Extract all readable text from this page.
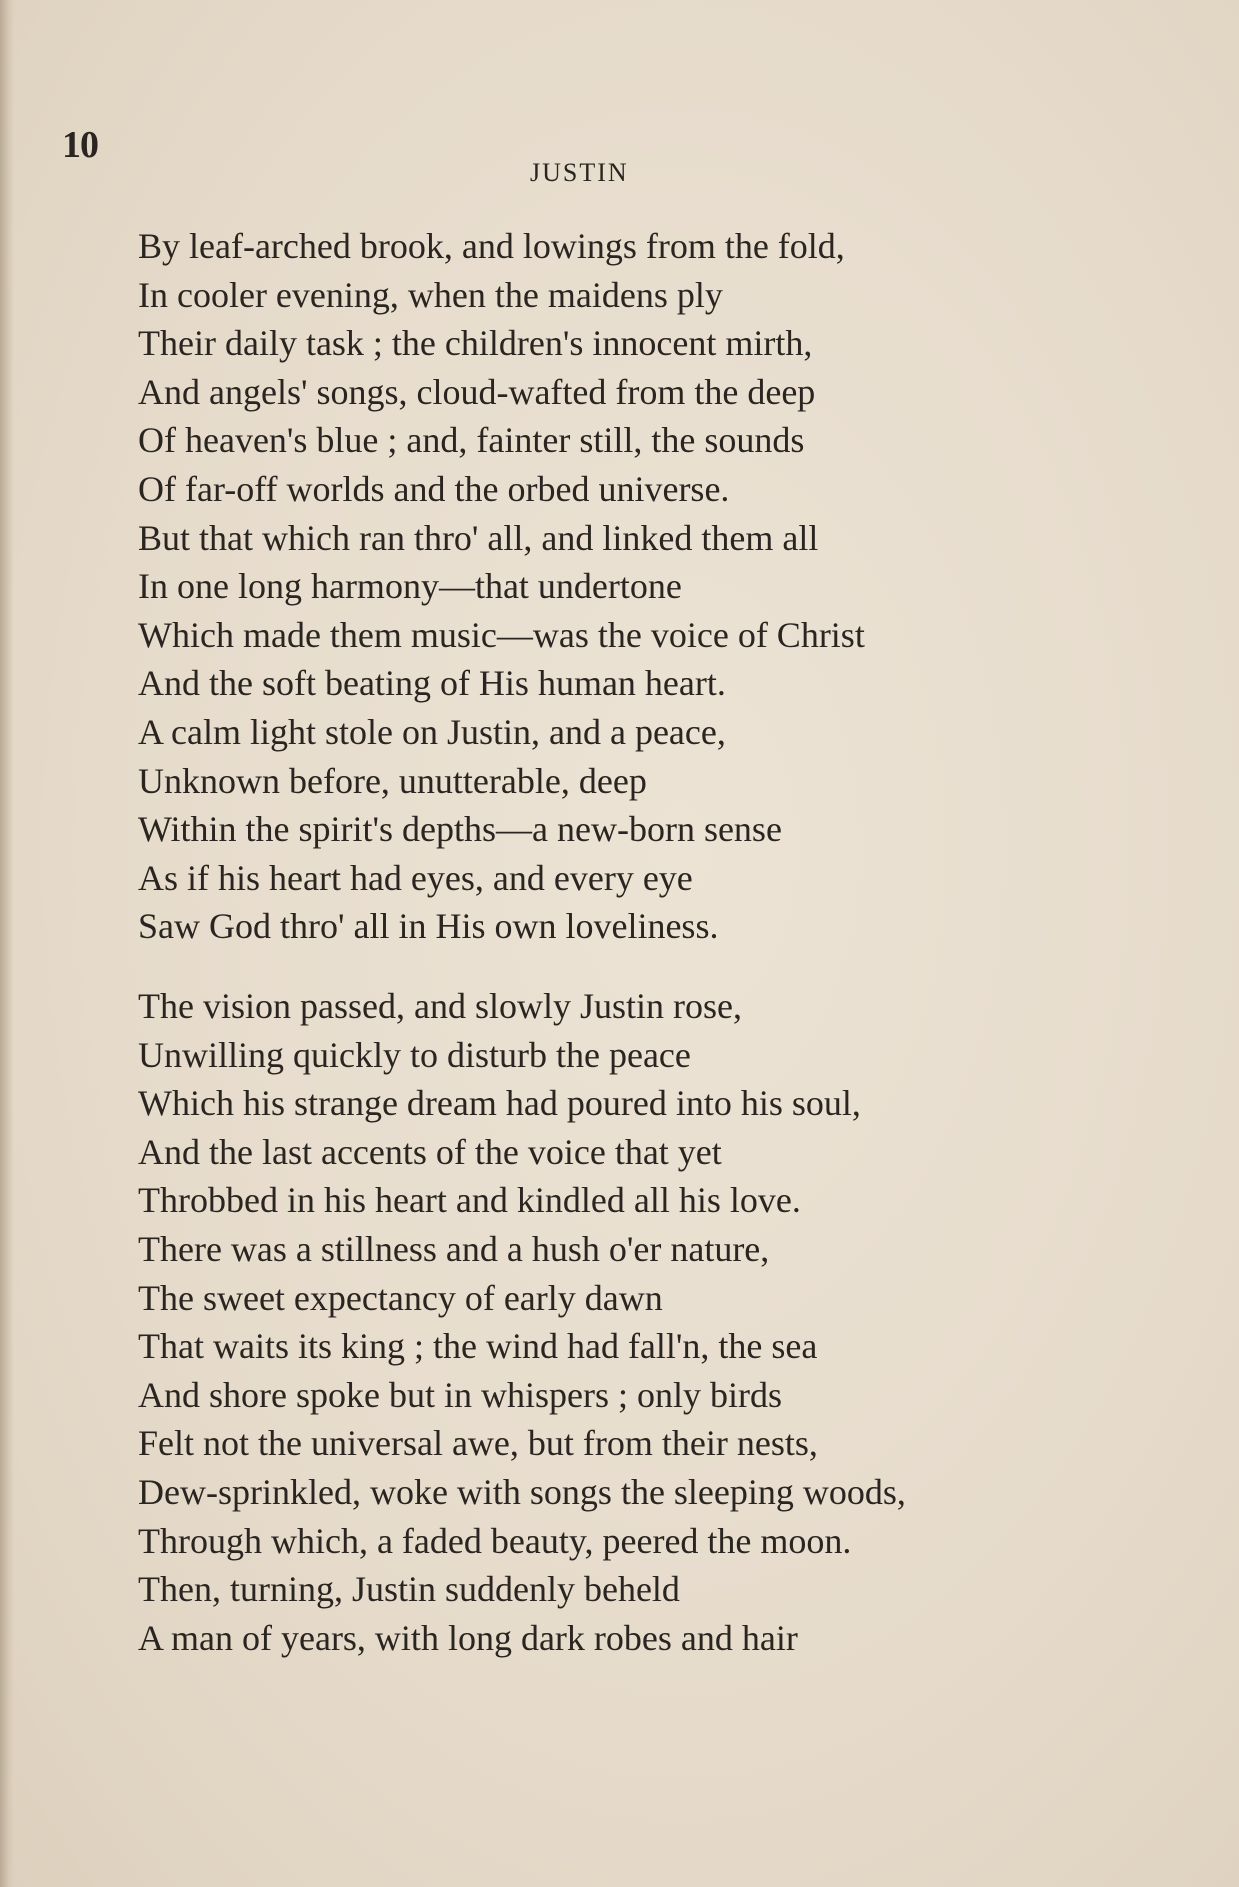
10
JUSTIN
By leaf-arched brook, and lowings from the fold,
In cooler evening, when the maidens ply
Their daily task ; the children's innocent mirth,
And angels' songs, cloud-wafted from the deep
Of heaven's blue ; and, fainter still, the sounds
Of far-off worlds and the orbed universe.
But that which ran thro' all, and linked them all
In one long harmony—that undertone
Which made them music—was the voice of Christ
And the soft beating of His human heart.
A calm light stole on Justin, and a peace,
Unknown before, unutterable, deep
Within the spirit's depths—a new-born sense
As if his heart had eyes, and every eye
Saw God thro' all in His own loveliness.
The vision passed, and slowly Justin rose,
Unwilling quickly to disturb the peace
Which his strange dream had poured into his soul,
And the last accents of the voice that yet
Throbbed in his heart and kindled all his love.
There was a stillness and a hush o'er nature,
The sweet expectancy of early dawn
That waits its king ; the wind had fall'n, the sea
And shore spoke but in whispers ; only birds
Felt not the universal awe, but from their nests,
Dew-sprinkled, woke with songs the sleeping woods,
Through which, a faded beauty, peered the moon.
Then, turning, Justin suddenly beheld
A man of years, with long dark robes and hair
